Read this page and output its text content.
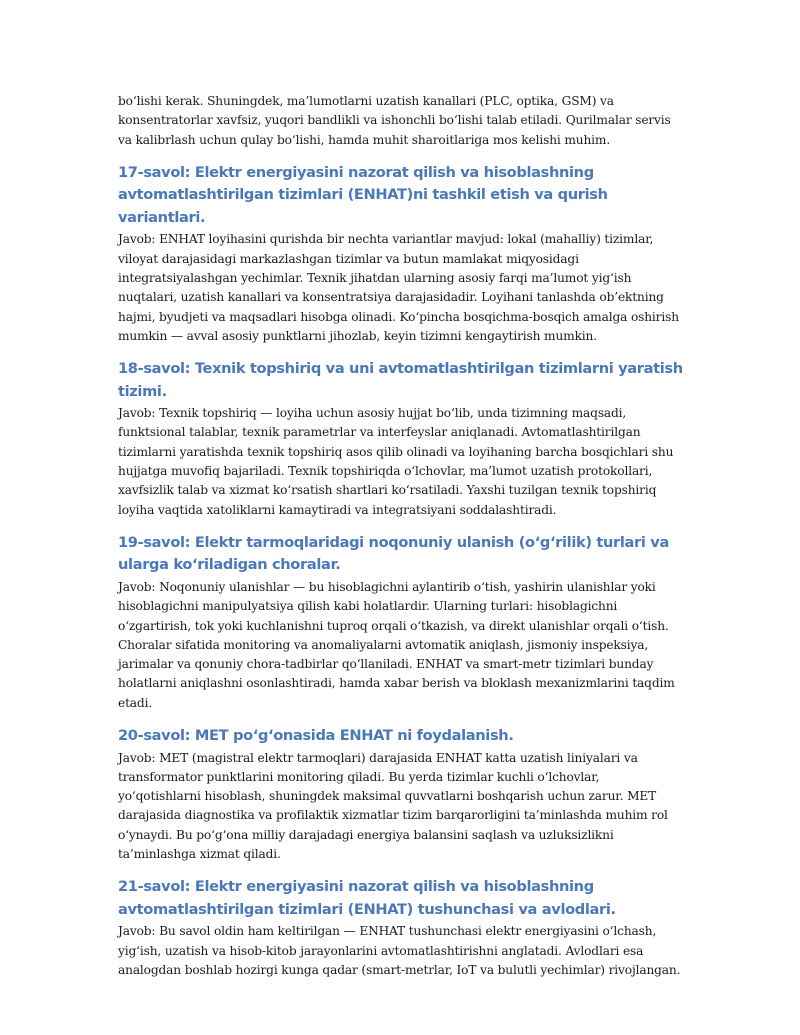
bo‘lishi kerak. Shuningdek, ma’lumotlarni uzatish kanallari (PLC, optika, GSM) va konsentratorlar xavfsiz, yuqori bandlikli va ishonchli bo‘lishi talab etiladi. Qurilmalar servis va kalibrlash uchun qulay bo‘lishi, hamda muhit sharoitlariga mos kelishi muhim.

17-savol: Elektr energiyasini nazorat qilish va hisoblashning avtomatlashtirilgan tizimlari (ENHAT)ni tashkil etish va qurish variantlari.

Javob: ENHAT loyihasini qurishda bir nechta variantlar mavjud: lokal (mahalliy) tizimlar, viloyat darajasidagi markazlashgan tizimlar va butun mamlakat miqyosidagi integratsiyalashgan yechimlar. Texnik jihatdan ularning asosiy farqi ma’lumot yig‘ish nuqtalari, uzatish kanallari va konsentratsiya darajasidadir. Loyihani tanlashda ob’ektning hajmi, byudjeti va maqsadlari hisobga olinadi. Ko‘pincha bosqichma-bosqich amalga oshirish mumkin — avval asosiy punktlarni jihozlab, keyin tizimni kengaytirish mumkin.

18-savol: Texnik topshiriq va uni avtomatlashtirilgan tizimlarni yaratish tizimi.

Javob: Texnik topshiriq — loyiha uchun asosiy hujjat bo‘lib, unda tizimning maqsadi, funktsional talablar, texnik parametrlar va interfeyslar aniqlanadi. Avtomatlashtirilgan tizimlarni yaratishda texnik topshiriq asos qilib olinadi va loyihaning barcha bosqichlari shu hujjatga muvofiq bajariladi. Texnik topshiriqda o‘lchovlar, ma’lumot uzatish protokollari, xavfsizlik talab va xizmat ko‘rsatish shartlari ko‘rsatiladi. Yaxshi tuzilgan texnik topshiriq loyiha vaqtida xatoliklarni kamaytiradi va integratsiyani soddalashtiradi.

19-savol: Elektr tarmoqlaridagi noqonuniy ulanish (o‘g‘rilik) turlari va ularga ko‘riladigan choralar.

Javob: Noqonuniy ulanishlar — bu hisoblagichni aylantirib o‘tish, yashirin ulanishlar yoki hisoblagichni manipulyatsiya qilish kabi holatlardir. Ularning turlari: hisoblagichni o‘zgartirish, tok yoki kuchlanishni tuproq orqali o‘tkazish, va direkt ulanishlar orqali o‘tish. Choralar sifatida monitoring va anomaliyalarni avtomatik aniqlash, jismoniy inspeksiya, jarimalar va qonuniy chora-tadbirlar qo‘llaniladi. ENHAT va smart-metr tizimlari bunday holatlarni aniqlashni osonlashtiradi, hamda xabar berish va bloklash mexanizmlarini taqdim etadi.

20-savol: MET po‘g‘onasida ENHAT ni foydalanish.

Javob: MET (magistral elektr tarmoqlari) darajasida ENHAT katta uzatish liniyalari va transformator punktlarini monitoring qiladi. Bu yerda tizimlar kuchli o‘lchovlar, yo‘qotishlarni hisoblash, shuningdek maksimal quvvatlarni boshqarish uchun zarur. MET darajasida diagnostika va profilaktik xizmatlar tizim barqarorligini ta’minlashda muhim rol o‘ynaydi. Bu po‘g‘ona milliy darajadagi energiya balansini saqlash va uzluksizlikni ta’minlashga xizmat qiladi.

21-savol: Elektr energiyasini nazorat qilish va hisoblashning avtomatlashtirilgan tizimlari (ENHAT) tushunchasi va avlodlari.

Javob: Bu savol oldin ham keltirilgan — ENHAT tushunchasi elektr energiyasini o‘lchash, yig‘ish, uzatish va hisob-kitob jarayonlarini avtomatlashtirishni anglatadi. Avlodlari esa analogdan boshlab hozirgi kunga qadar (smart-metrlar, IoT va bulutli yechimlar) rivojlangan.
